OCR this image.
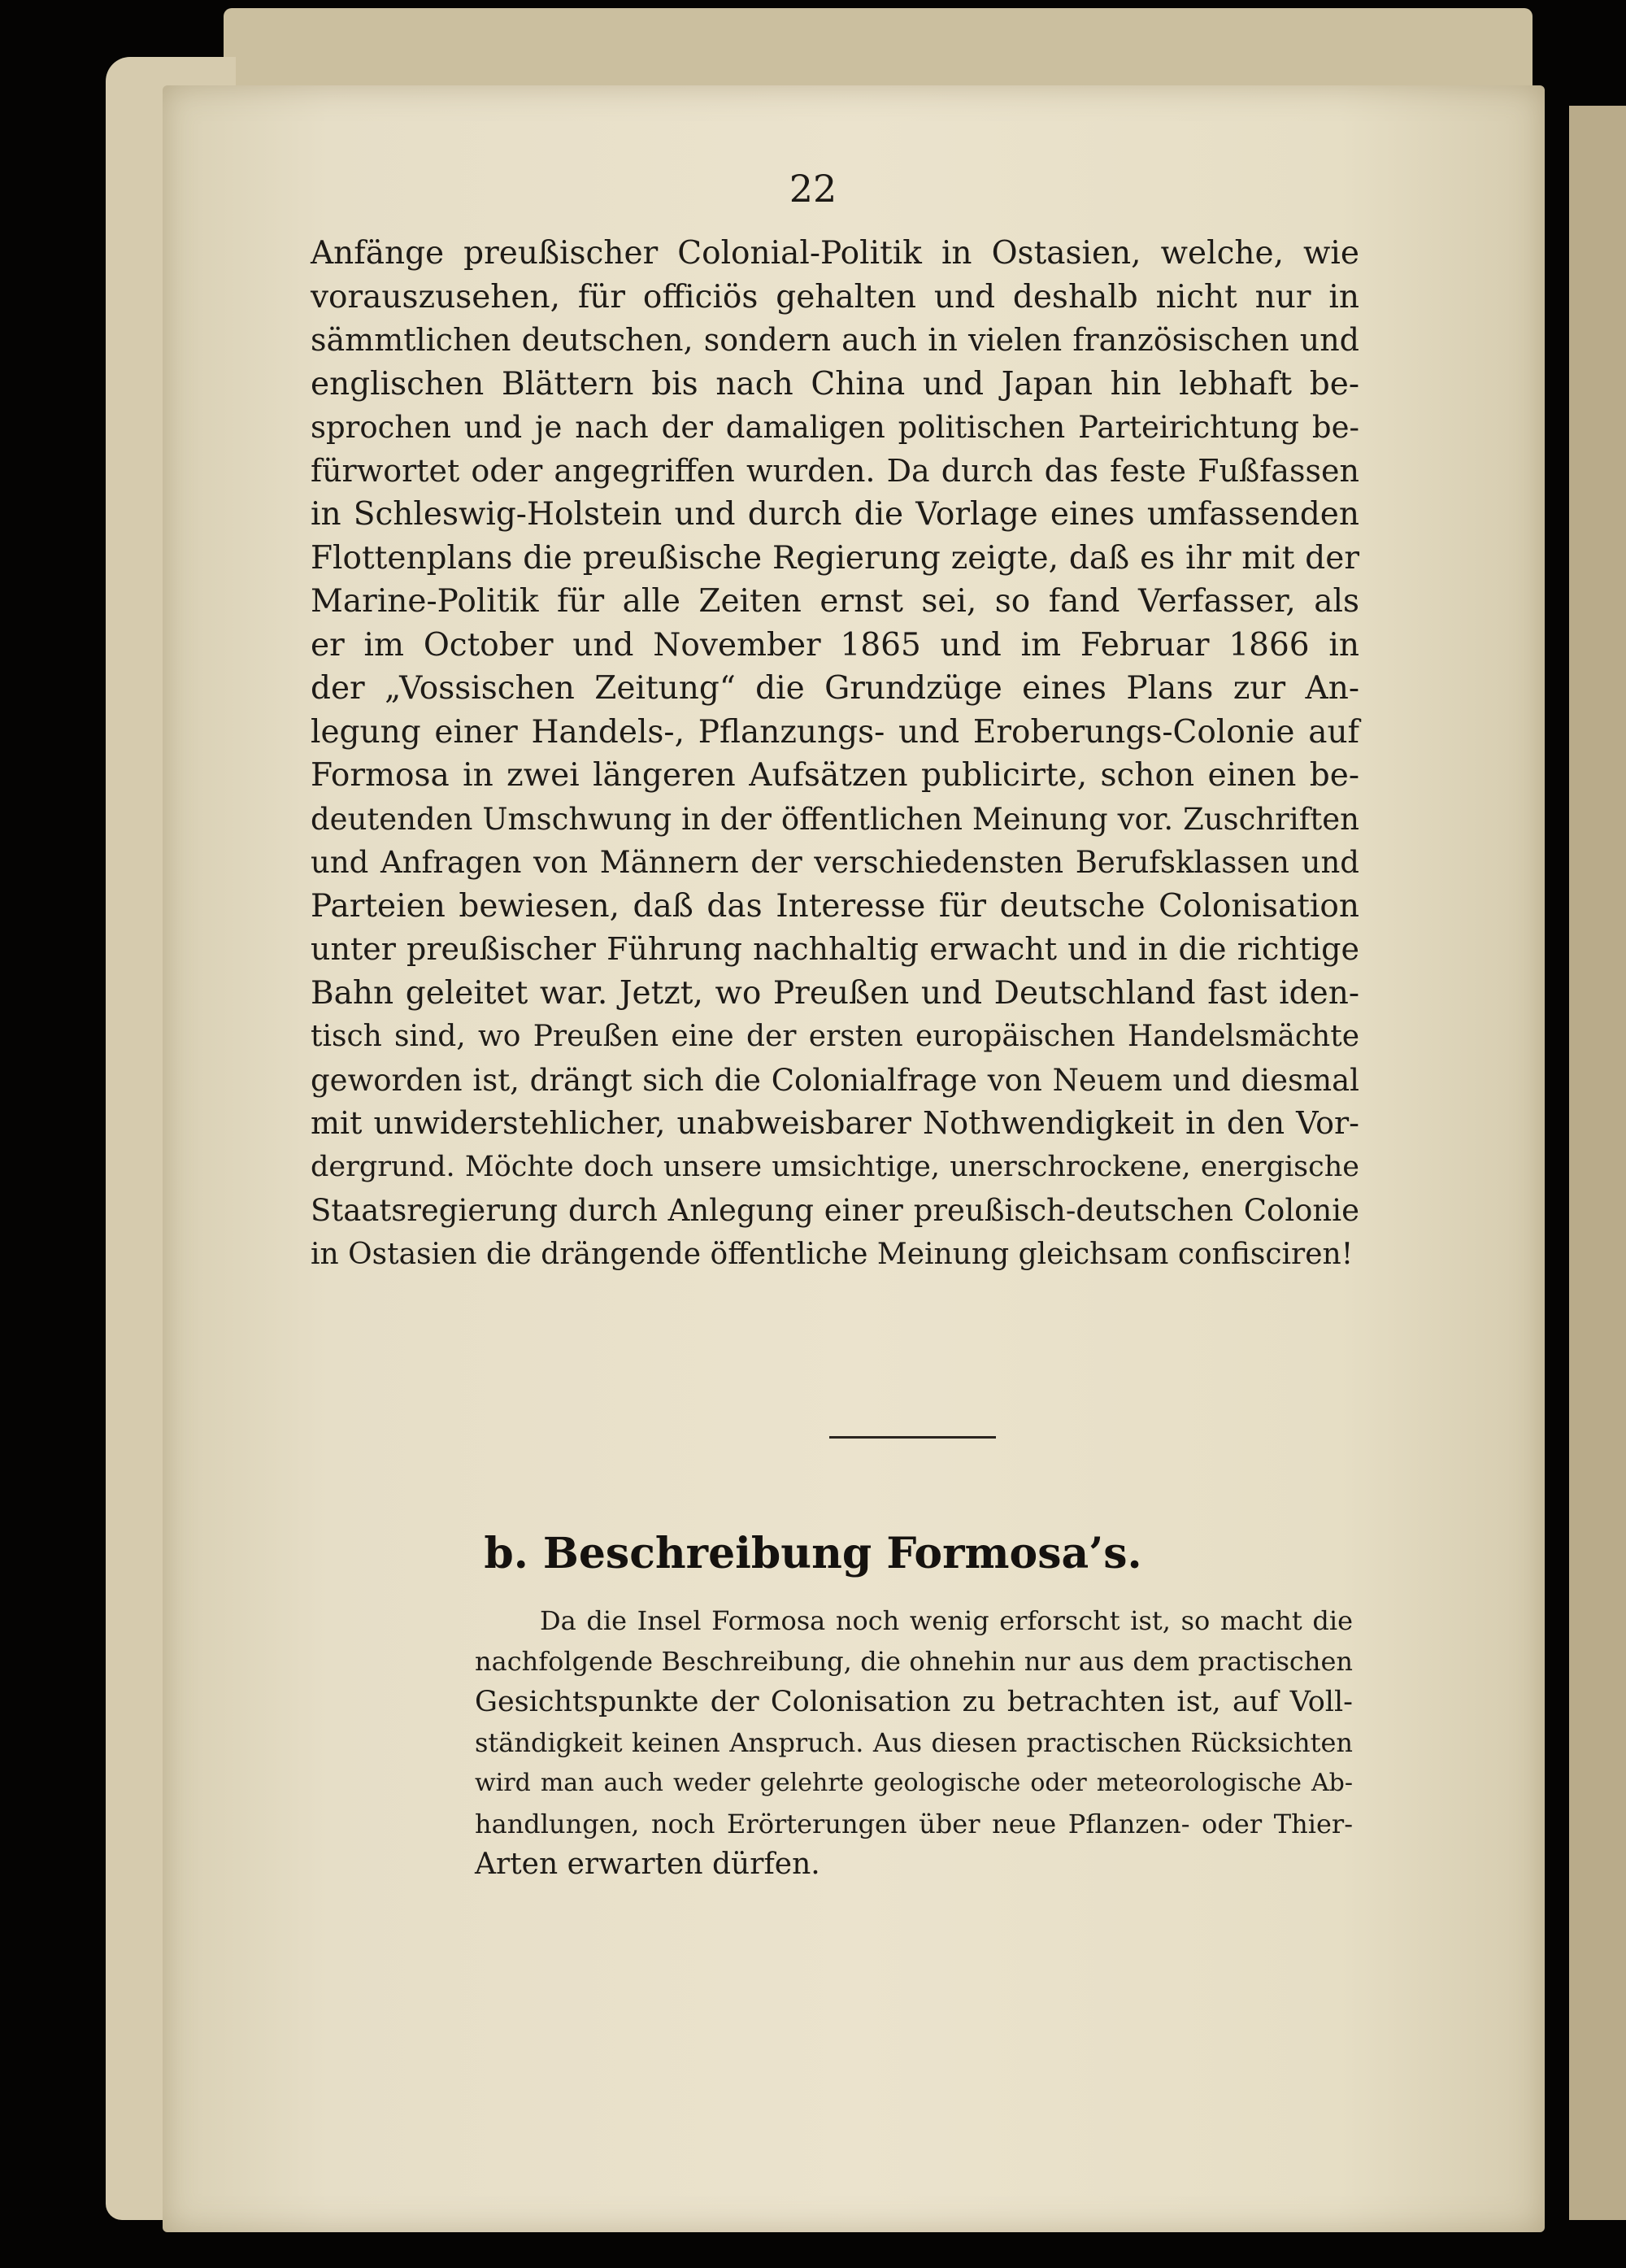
22
Anfänge preußischer Colonial-Politik in Ostasien, welche, wie
vorauszusehen, für officiös gehalten und deshalb nicht nur in
sämmtlichen deutschen, sondern auch in vielen französischen und
englischen Blättern bis nach China und Japan hin lebhaft be-
sprochen und je nach der damaligen politischen Parteirichtung be-
fürwortet oder angegriffen wurden. Da durch das feste Fußfassen
in Schleswig-Holstein und durch die Vorlage eines umfassenden
Flottenplans die preußische Regierung zeigte, daß es ihr mit der
Marine-Politik für alle Zeiten ernst sei, so fand Verfasser, als
er im October und November 1865 und im Februar 1866 in
der „Vossischen Zeitung“ die Grundzüge eines Plans zur An-
legung einer Handels-, Pflanzungs- und Eroberungs-Colonie auf
Formosa in zwei längeren Aufsätzen publicirte, schon einen be-
deutenden Umschwung in der öffentlichen Meinung vor. Zuschriften
und Anfragen von Männern der verschiedensten Berufsklassen und
Parteien bewiesen, daß das Interesse für deutsche Colonisation
unter preußischer Führung nachhaltig erwacht und in die richtige
Bahn geleitet war. Jetzt, wo Preußen und Deutschland fast iden-
tisch sind, wo Preußen eine der ersten europäischen Handelsmächte
geworden ist, drängt sich die Colonialfrage von Neuem und diesmal
mit unwiderstehlicher, unabweisbarer Nothwendigkeit in den Vor-
dergrund. Möchte doch unsere umsichtige, unerschrockene, energische
Staatsregierung durch Anlegung einer preußisch-deutschen Colonie
in Ostasien die drängende öffentliche Meinung gleichsam confisciren!
b. Beschreibung Formosa’s.
Da die Insel Formosa noch wenig erforscht ist, so macht die
nachfolgende Beschreibung, die ohnehin nur aus dem practischen
Gesichtspunkte der Colonisation zu betrachten ist, auf Voll-
ständigkeit keinen Anspruch. Aus diesen practischen Rücksichten
wird man auch weder gelehrte geologische oder meteorologische Ab-
handlungen, noch Erörterungen über neue Pflanzen- oder Thier-
Arten erwarten dürfen.
